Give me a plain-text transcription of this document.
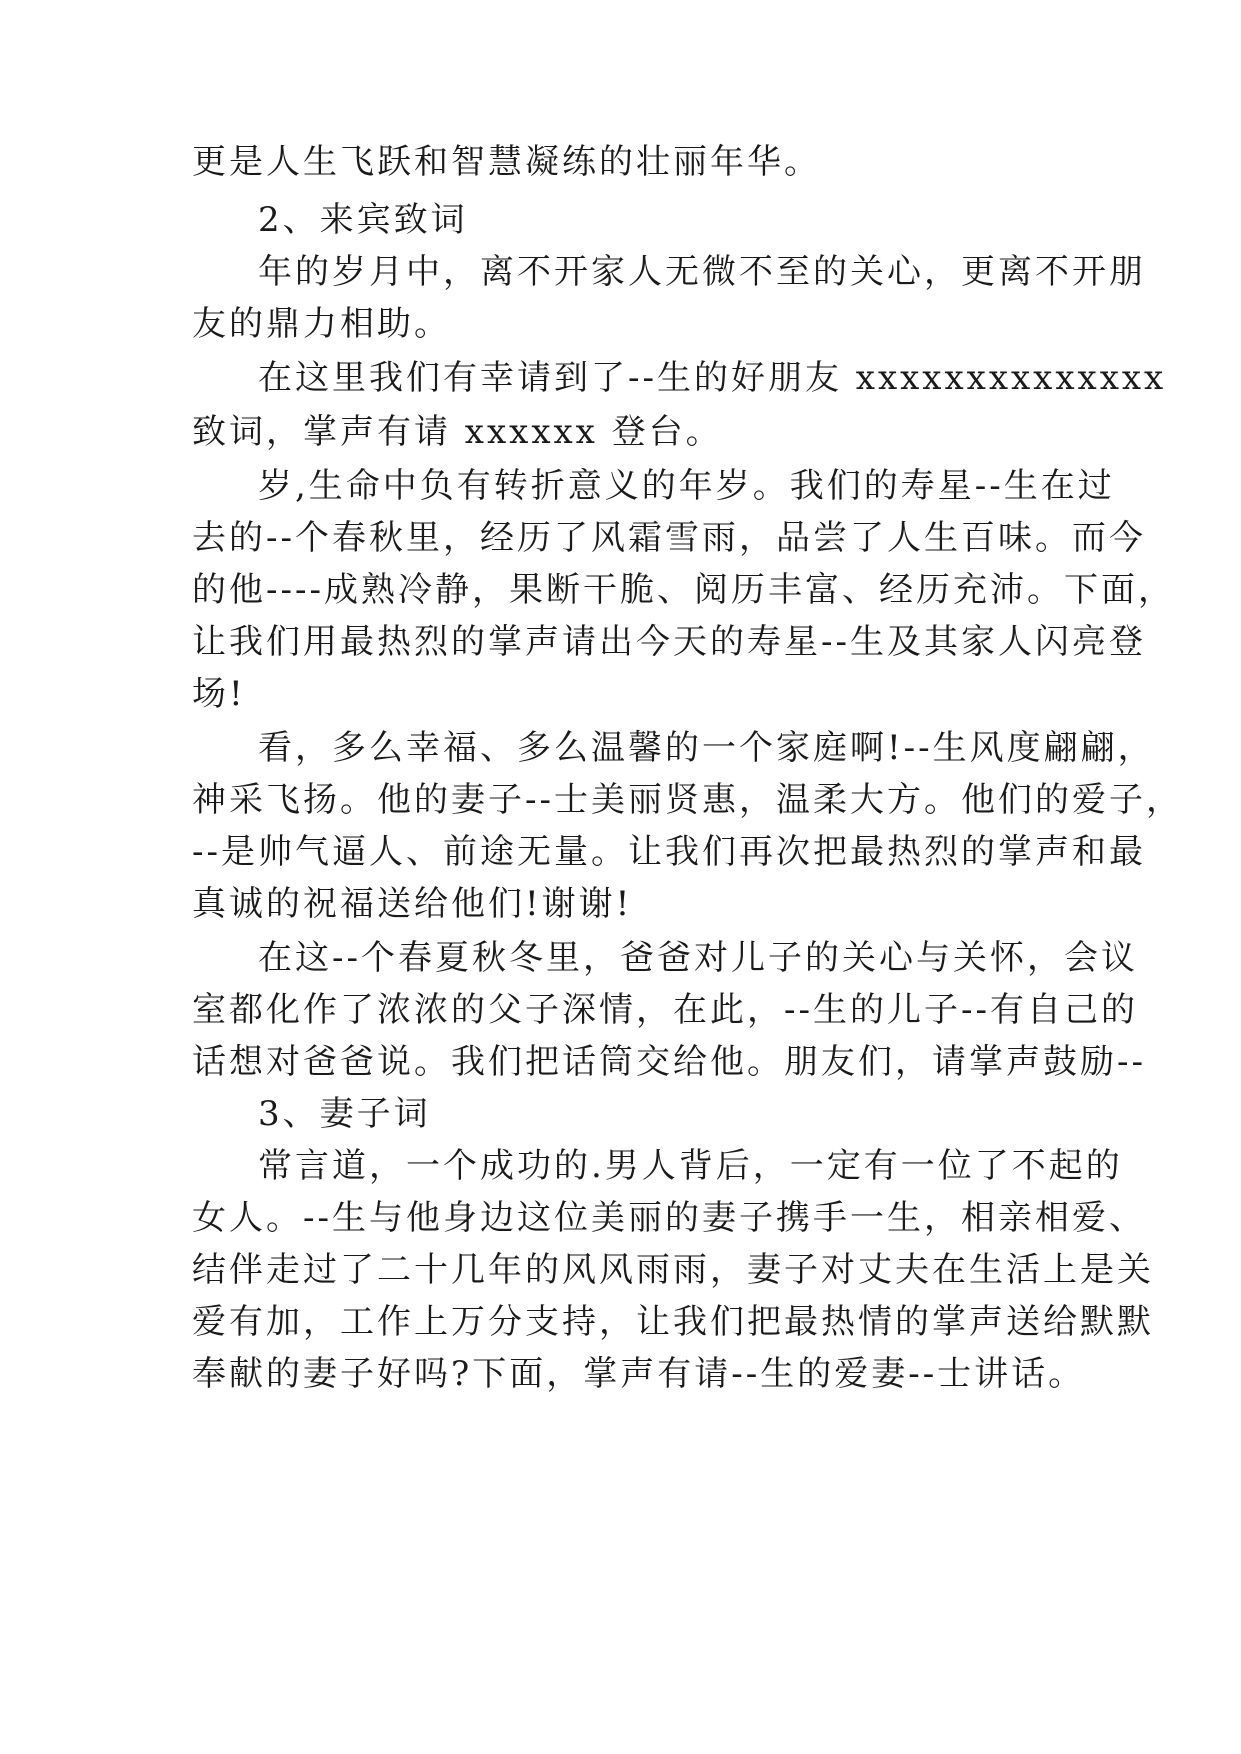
更是人生飞跃和智慧凝练的壮丽年华。
2、来宾致词
年的岁月中，离不开家人无微不至的关心，更离不开朋
友的鼎力相助。
在这里我们有幸请到了--生的好朋友 xxxxxxxxxxxxxx
致词，掌声有请 xxxxxx 登台。
岁,生命中负有转折意义的年岁。我们的寿星--生在过
去的--个春秋里，经历了风霜雪雨，品尝了人生百味。而今
的他----成熟冷静，果断干脆、阅历丰富、经历充沛。下面，
让我们用最热烈的掌声请出今天的寿星--生及其家人闪亮登
场!
看，多么幸福、多么温馨的一个家庭啊!--生风度翩翩，
神采飞扬。他的妻子--士美丽贤惠，温柔大方。他们的爱子，
--是帅气逼人、前途无量。让我们再次把最热烈的掌声和最
真诚的祝福送给他们!谢谢!
在这--个春夏秋冬里，爸爸对儿子的关心与关怀，会议
室都化作了浓浓的父子深情，在此，--生的儿子--有自己的
话想对爸爸说。我们把话筒交给他。朋友们，请掌声鼓励--
3、妻子词
常言道，一个成功的.男人背后，一定有一位了不起的
女人。--生与他身边这位美丽的妻子携手一生，相亲相爱、
结伴走过了二十几年的风风雨雨，妻子对丈夫在生活上是关
爱有加，工作上万分支持，让我们把最热情的掌声送给默默
奉献的妻子好吗?下面，掌声有请--生的爱妻--士讲话。
